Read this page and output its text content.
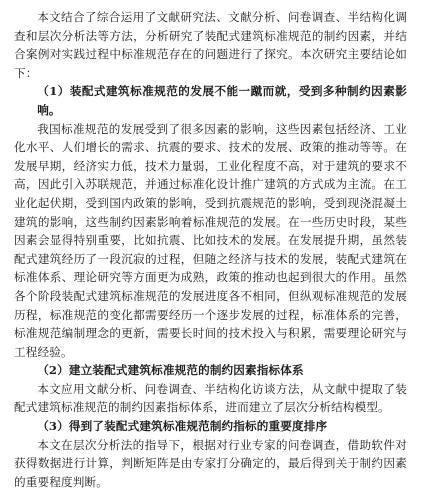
本文结合了综合运用了文献研究法、文献分析、问卷调查、半结构化调查和层次分析法等方法，分析研究了装配式建筑标准规范的制约因素，并结合案例对实践过程中标准规范存在的问题进行了探究。本次研究主要结论如下：

（1）装配式建筑标准规范的发展不能一蹴而就，受到多种制约因素影响。

我国标准规范的发展受到了很多因素的影响，这些因素包括经济、工业化水平、人们增长的需求、抗震的要求、技术的发展、政策的推动等等。在发展早期，经济实力低，技术力量弱，工业化程度不高，对于建筑的要求不高，因此引入苏联规范，并通过标准化设计推广建筑的方式成为主流。在工业化起伏期，受到国内政策的影响，受到抗震规范的影响，受到现浇混凝土建筑的影响，这些制约因素影响着标准规范的发展。在一些历史时段，某些因素会显得特别重要，比如抗震、比如技术的发展。在发展提升期，虽然装配式建筑经历了一段沉寂的过程，但随之经济与技术的发展，装配式建筑在标准体系、理论研究等方面更为成熟，政策的推动也起到很大的作用。虽然各个阶段装配式建筑标准规范的发展进度各不相同，但纵观标准规范的发展历程，标准规范的变化都需要经历一个逐步发展的过程，标准体系的完善，标准规范编制理念的更新，需要长时间的技术投入与积累，需要理论研究与工程经验。

（2）建立装配式建筑标准规范的制约因素指标体系

本文应用文献分析、问卷调查、半结构化访谈方法，从文献中提取了装配式建筑标准规范的制约因素指标体系，进而建立了层次分析结构模型。

（3）得到了装配式建筑标准规范制约指标的重要度排序

本文在层次分析法的指导下，根据对行业专家的问卷调查，借助软件对获得数据进行计算，判断矩阵是由专家打分确定的，最后得到关于制约因素的重要程度判断。
